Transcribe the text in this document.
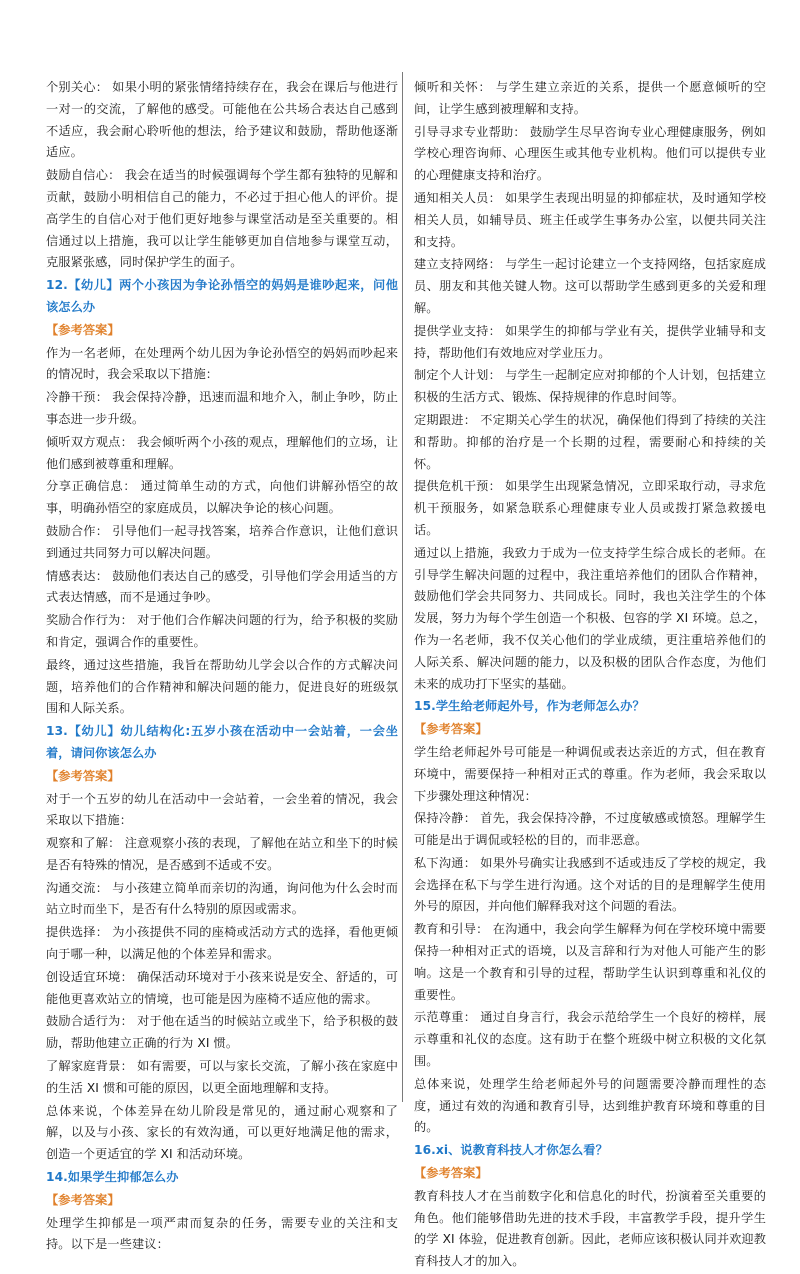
个别关心： 如果小明的紧张情绪持续存在，我会在课后与他进行一对一的交流，了解他的感受。可能他在公共场合表达自己感到不适应，我会耐心聆听他的想法，给予建议和鼓励，帮助他逐渐适应。

鼓励自信心： 我会在适当的时候强调每个学生都有独特的见解和贡献，鼓励小明相信自己的能力，不必过于担心他人的评价。提高学生的自信心对于他们更好地参与课堂活动是至关重要的。相信通过以上措施，我可以让学生能够更加自信地参与课堂互动，克服紧张感，同时保护学生的面子。

12.【幼儿】两个小孩因为争论孙悟空的妈妈是谁吵起来，问他该怎么办

【参考答案】

作为一名老师，在处理两个幼儿因为争论孙悟空的妈妈而吵起来的情况时，我会采取以下措施：

冷静干预： 我会保持冷静，迅速而温和地介入，制止争吵，防止事态进一步升级。

倾听双方观点： 我会倾听两个小孩的观点，理解他们的立场，让他们感到被尊重和理解。

分享正确信息： 通过简单生动的方式，向他们讲解孙悟空的故事，明确孙悟空的家庭成员，以解决争论的核心问题。

鼓励合作： 引导他们一起寻找答案，培养合作意识，让他们意识到通过共同努力可以解决问题。

情感表达： 鼓励他们表达自己的感受，引导他们学会用适当的方式表达情感，而不是通过争吵。

奖励合作行为： 对于他们合作解决问题的行为，给予积极的奖励和肯定，强调合作的重要性。

最终，通过这些措施，我旨在帮助幼儿学会以合作的方式解决问题，培养他们的合作精神和解决问题的能力，促进良好的班级氛围和人际关系。

13.【幼儿】幼儿结构化:五岁小孩在活动中一会站着，一会坐着，请问你该怎么办

【参考答案】

对于一个五岁的幼儿在活动中一会站着，一会坐着的情况，我会采取以下措施：

观察和了解： 注意观察小孩的表现，了解他在站立和坐下的时候是否有特殊的情况，是否感到不适或不安。

沟通交流： 与小孩建立简单而亲切的沟通，询问他为什么会时而站立时而坐下，是否有什么特别的原因或需求。

提供选择： 为小孩提供不同的座椅或活动方式的选择，看他更倾向于哪一种，以满足他的个体差异和需求。

创设适宜环境： 确保活动环境对于小孩来说是安全、舒适的，可能他更喜欢站立的情境，也可能是因为座椅不适应他的需求。

鼓励合适行为： 对于他在适当的时候站立或坐下，给予积极的鼓励，帮助他建立正确的行为 XI 惯。

了解家庭背景： 如有需要，可以与家长交流，了解小孩在家庭中的生活 XI 惯和可能的原因，以更全面地理解和支持。

总体来说，个体差异在幼儿阶段是常见的，通过耐心观察和了解，以及与小孩、家长的有效沟通，可以更好地满足他的需求，创造一个更适宜的学 XI 和活动环境。

14.如果学生抑郁怎么办

【参考答案】

处理学生抑郁是一项严肃而复杂的任务，需要专业的关注和支持。以下是一些建议：

倾听和关怀： 与学生建立亲近的关系，提供一个愿意倾听的空间，让学生感到被理解和支持。

引导寻求专业帮助： 鼓励学生尽早咨询专业心理健康服务，例如学校心理咨询师、心理医生或其他专业机构。他们可以提供专业的心理健康支持和治疗。

通知相关人员： 如果学生表现出明显的抑郁症状，及时通知学校相关人员，如辅导员、班主任或学生事务办公室，以便共同关注和支持。

建立支持网络： 与学生一起讨论建立一个支持网络，包括家庭成员、朋友和其他关键人物。这可以帮助学生感到更多的关爱和理解。

提供学业支持： 如果学生的抑郁与学业有关，提供学业辅导和支持，帮助他们有效地应对学业压力。

制定个人计划： 与学生一起制定应对抑郁的个人计划，包括建立积极的生活方式、锻炼、保持规律的作息时间等。

定期跟进： 不定期关心学生的状况，确保他们得到了持续的关注和帮助。抑郁的治疗是一个长期的过程，需要耐心和持续的关怀。

提供危机干预： 如果学生出现紧急情况，立即采取行动，寻求危机干预服务，如紧急联系心理健康专业人员或拨打紧急救援电话。

通过以上措施，我致力于成为一位支持学生综合成长的老师。在引导学生解决问题的过程中，我注重培养他们的团队合作精神，鼓励他们学会共同努力、共同成长。同时，我也关注学生的个体发展，努力为每个学生创造一个积极、包容的学 XI 环境。总之，作为一名老师，我不仅关心他们的学业成绩，更注重培养他们的人际关系、解决问题的能力，以及积极的团队合作态度，为他们未来的成功打下坚实的基础。

15.学生给老师起外号，作为老师怎么办？

【参考答案】

学生给老师起外号可能是一种调侃或表达亲近的方式，但在教育环境中，需要保持一种相对正式的尊重。作为老师，我会采取以下步骤处理这种情况：

保持冷静： 首先，我会保持冷静，不过度敏感或愤怒。理解学生可能是出于调侃或轻松的目的，而非恶意。

私下沟通： 如果外号确实让我感到不适或违反了学校的规定，我会选择在私下与学生进行沟通。这个对话的目的是理解学生使用外号的原因，并向他们解释我对这个问题的看法。

教育和引导： 在沟通中，我会向学生解释为何在学校环境中需要保持一种相对正式的语境，以及言辞和行为对他人可能产生的影响。这是一个教育和引导的过程，帮助学生认识到尊重和礼仪的重要性。

示范尊重： 通过自身言行，我会示范给学生一个良好的榜样，展示尊重和礼仪的态度。这有助于在整个班级中树立积极的文化氛围。

总体来说，处理学生给老师起外号的问题需要冷静而理性的态度，通过有效的沟通和教育引导，达到维护教育环境和尊重的目的。

16.xi、说教育科技人才你怎么看？

【参考答案】

教育科技人才在当前数字化和信息化的时代，扮演着至关重要的角色。他们能够借助先进的技术手段，丰富教学手段，提升学生的学 XI 体验，促进教育创新。因此，老师应该积极认同并欢迎教育科技人才的加入。
